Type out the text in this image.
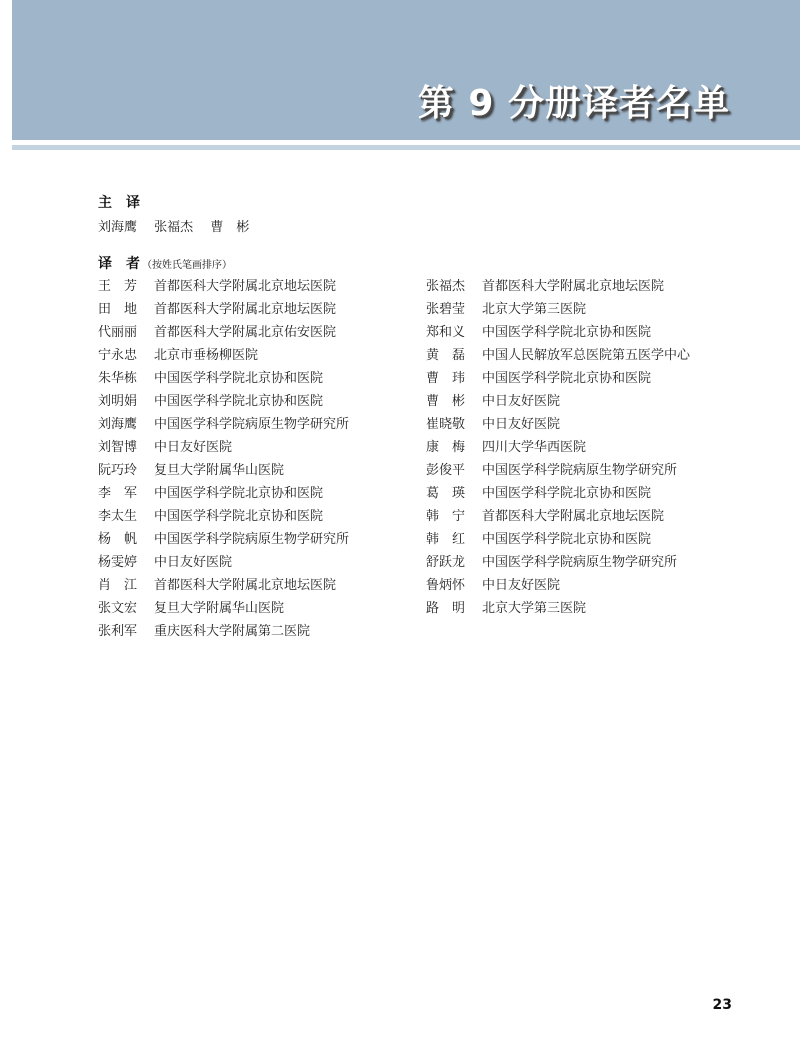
第 9 分册译者名单
主　译
刘海鹰 张福杰 曹　彬
译　者 （按姓氏笔画排序）
王　芳	首都医科大学附属北京地坛医院
田　地	首都医科大学附属北京地坛医院
代丽丽	首都医科大学附属北京佑安医院
宁永忠	北京市垂杨柳医院
朱华栋	中国医学科学院北京协和医院
刘明娟	中国医学科学院北京协和医院
刘海鹰	中国医学科学院病原生物学研究所
刘智博	中日友好医院
阮巧玲	复旦大学附属华山医院
李　军	中国医学科学院北京协和医院
李太生	中国医学科学院北京协和医院
杨　帆	中国医学科学院病原生物学研究所
杨雯婷	中日友好医院
肖　江	首都医科大学附属北京地坛医院
张文宏	复旦大学附属华山医院
张利军	重庆医科大学附属第二医院
张福杰	首都医科大学附属北京地坛医院
张碧莹	北京大学第三医院
郑和义	中国医学科学院北京协和医院
黄　磊	中国人民解放军总医院第五医学中心
曹　玮	中国医学科学院北京协和医院
曹　彬	中日友好医院
崔晓敬	中日友好医院
康　梅	四川大学华西医院
彭俊平	中国医学科学院病原生物学研究所
葛　瑛	中国医学科学院北京协和医院
韩　宁	首都医科大学附属北京地坛医院
韩　红	中国医学科学院北京协和医院
舒跃龙	中国医学科学院病原生物学研究所
鲁炳怀	中日友好医院
路　明	北京大学第三医院
23
